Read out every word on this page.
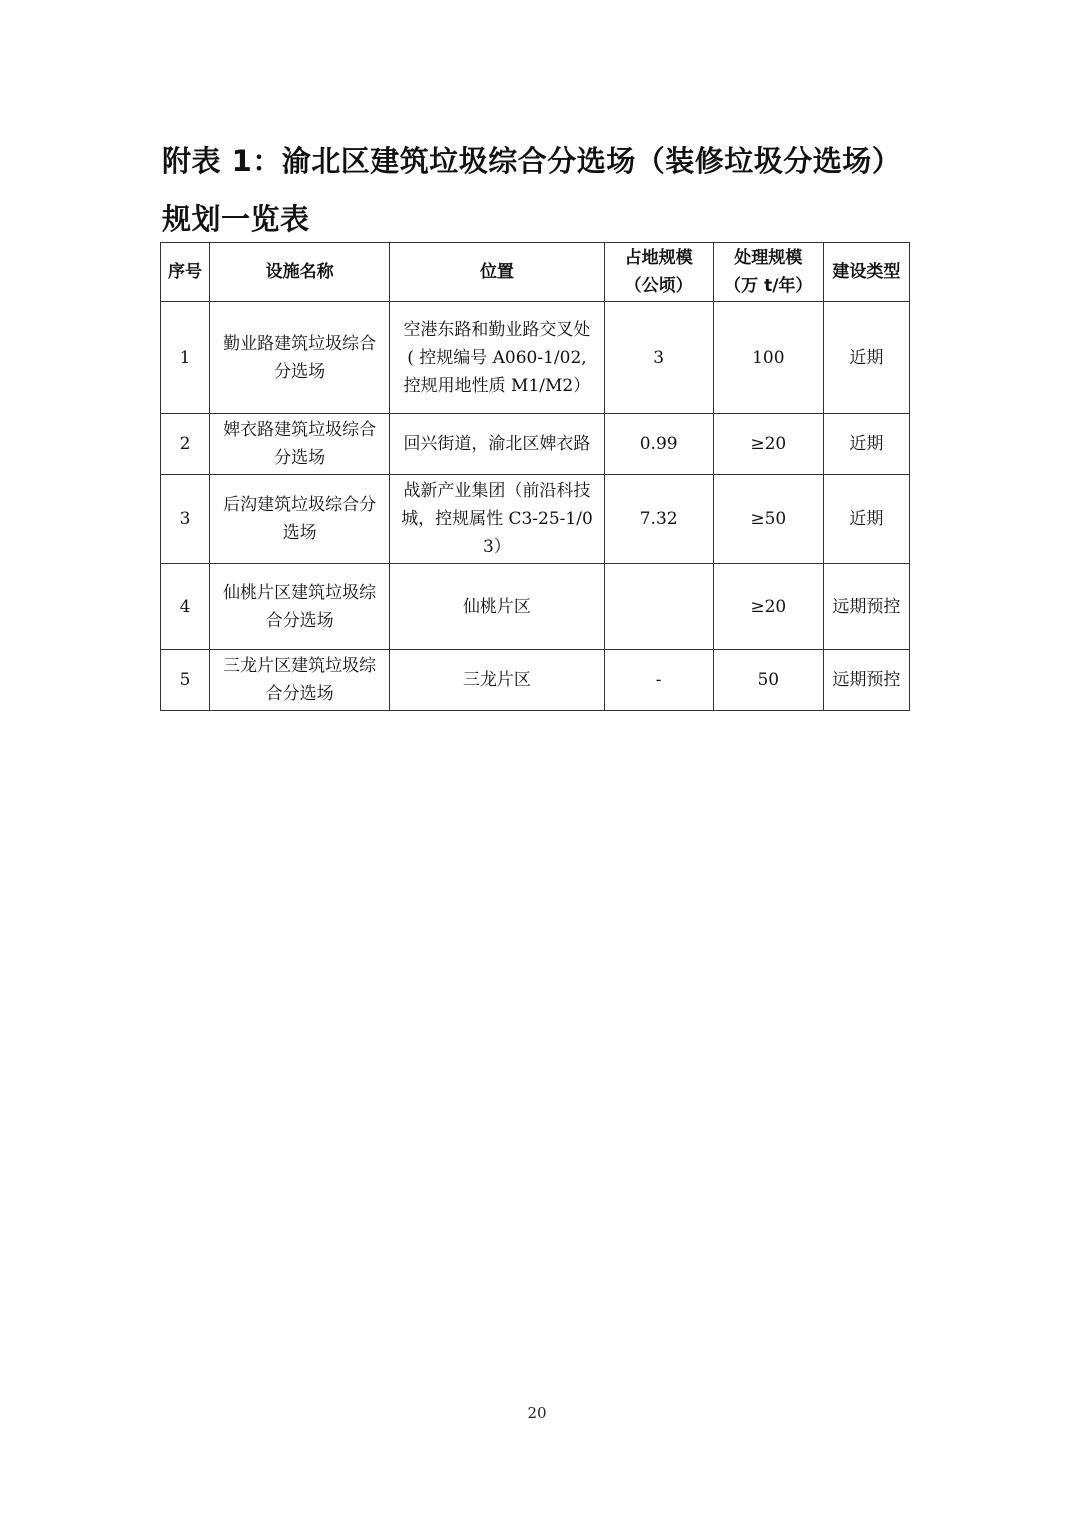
附表 1：渝北区建筑垃圾综合分选场（装修垃圾分选场）规划一览表
序号	设施名称	位置	占地规模（公顷）	处理规模（万 t/年）	建设类型
1	勤业路建筑垃圾综合分选场	空港东路和勤业路交叉处( 控规编号 A060-1/02, 控规用地性质 M1/M2）	3	100	近期
2	婢衣路建筑垃圾综合分选场	回兴街道，渝北区婢衣路	0.99	≥20	近期
3	后沟建筑垃圾综合分选场	战新产业集团（前沿科技城，控规属性 C3-25-1/03）	7.32	≥50	近期
4	仙桃片区建筑垃圾综合分选场	仙桃片区		≥20	远期预控
5	三龙片区建筑垃圾综合分选场	三龙片区	-	50	远期预控
20
